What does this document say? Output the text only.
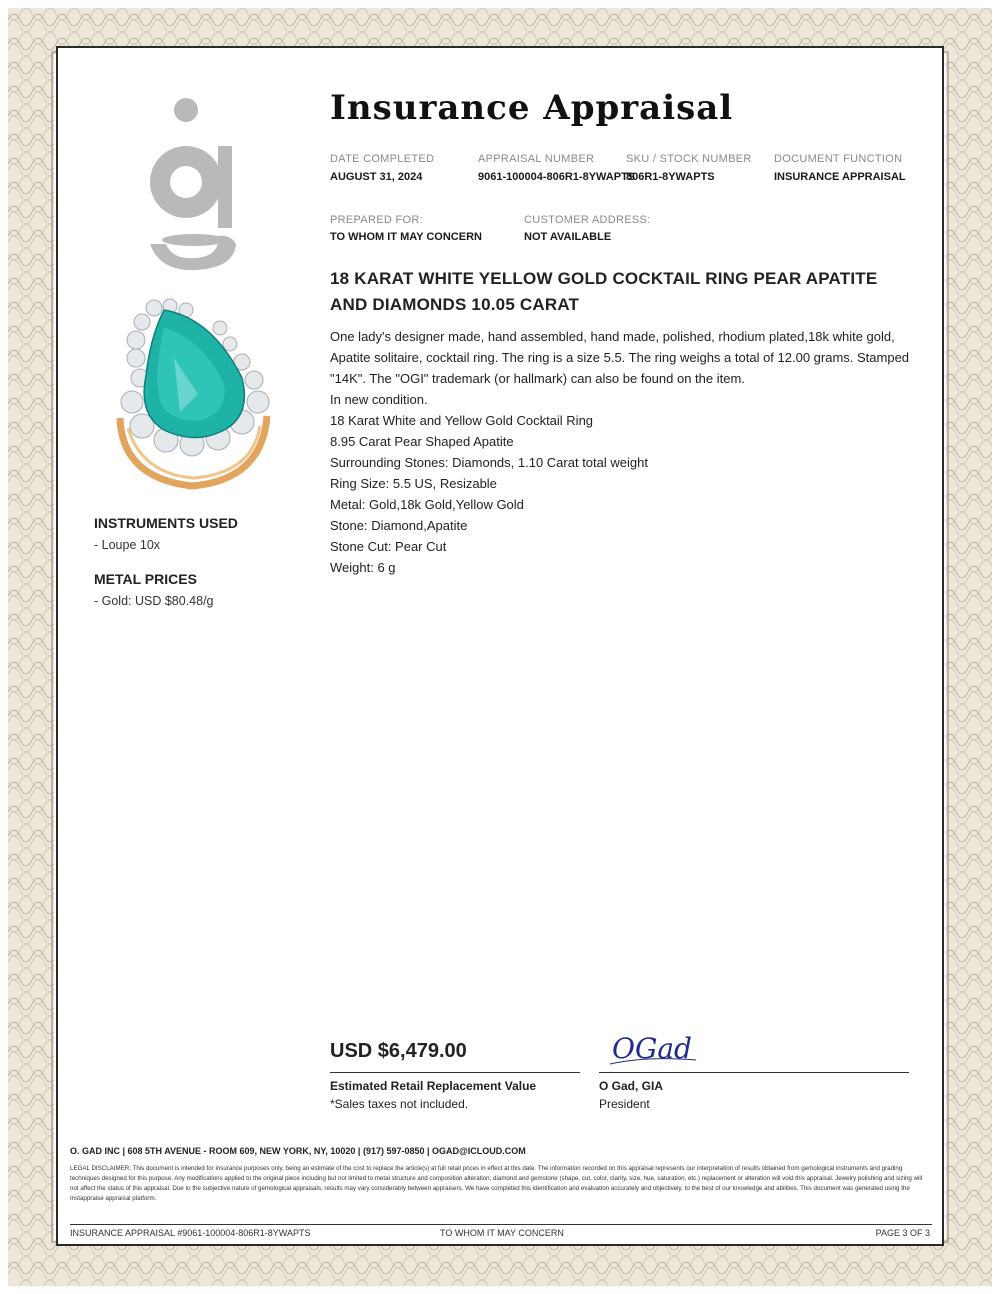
Insurance Appraisal
DATE COMPLETED
AUGUST 31, 2024
APPRAISAL NUMBER
9061-100004-806R1-8YWAPTS
SKU / STOCK NUMBER
806R1-8YWAPTS
DOCUMENT FUNCTION
INSURANCE APPRAISAL
PREPARED FOR:
TO WHOM IT MAY CONCERN
CUSTOMER ADDRESS:
NOT AVAILABLE
18 KARAT WHITE YELLOW GOLD COCKTAIL RING PEAR APATITE AND DIAMONDS 10.05 CARAT
One lady's designer made, hand assembled, hand made, polished, rhodium plated,18k white gold, Apatite solitaire, cocktail ring. The ring is a size 5.5. The ring weighs a total of 12.00 grams. Stamped "14K". The "OGI" trademark (or hallmark) can also be found on the item.
In new condition.
18 Karat White and Yellow Gold Cocktail Ring
8.95 Carat Pear Shaped Apatite
Surrounding Stones: Diamonds, 1.10 Carat total weight
Ring Size: 5.5 US, Resizable
Metal: Gold,18k Gold,Yellow Gold
Stone: Diamond,Apatite
Stone Cut: Pear Cut
Weight: 6 g
INSTRUMENTS USED
- Loupe 10x
METAL PRICES
- Gold: USD $80.48/g
USD $6,479.00
Estimated Retail Replacement Value
*Sales taxes not included.
OGad
O Gad, GIA
President
O. GAD INC | 608 5TH AVENUE - ROOM 609, NEW YORK, NY, 10020 | (917) 597-0850 | OGAD@ICLOUD.COM
LEGAL DISCLAIMER: This document is intended for insurance purposes only, being an estimate of the cost to replace the article(s) at full retail prices in effect at this date. The information recorded on this appraisal represents our interpretation of results obtained from gemological instruments and grading techniques designed for this purpose. Any modifications applied to the original piece including but not limited to metal structure and composition alteration, diamond and gemstone (shape, cut, color, clarity, size, hue, saturation, etc.) replacement or alteration will void this appraisal. Jewelry polishing and sizing will not affect the status of this appraisal. Due to the subjective nature of gemological appraisals, results may vary considerably between appraisers. We have completed this identification and evaluation accurately and objectively, to the best of our knowledge and abilities. This document was generated using the Instappraise appraisal platform.
INSURANCE APPRAISAL #9061-100004-806R1-8YWAPTS	TO WHOM IT MAY CONCERN	PAGE 3 OF 3
